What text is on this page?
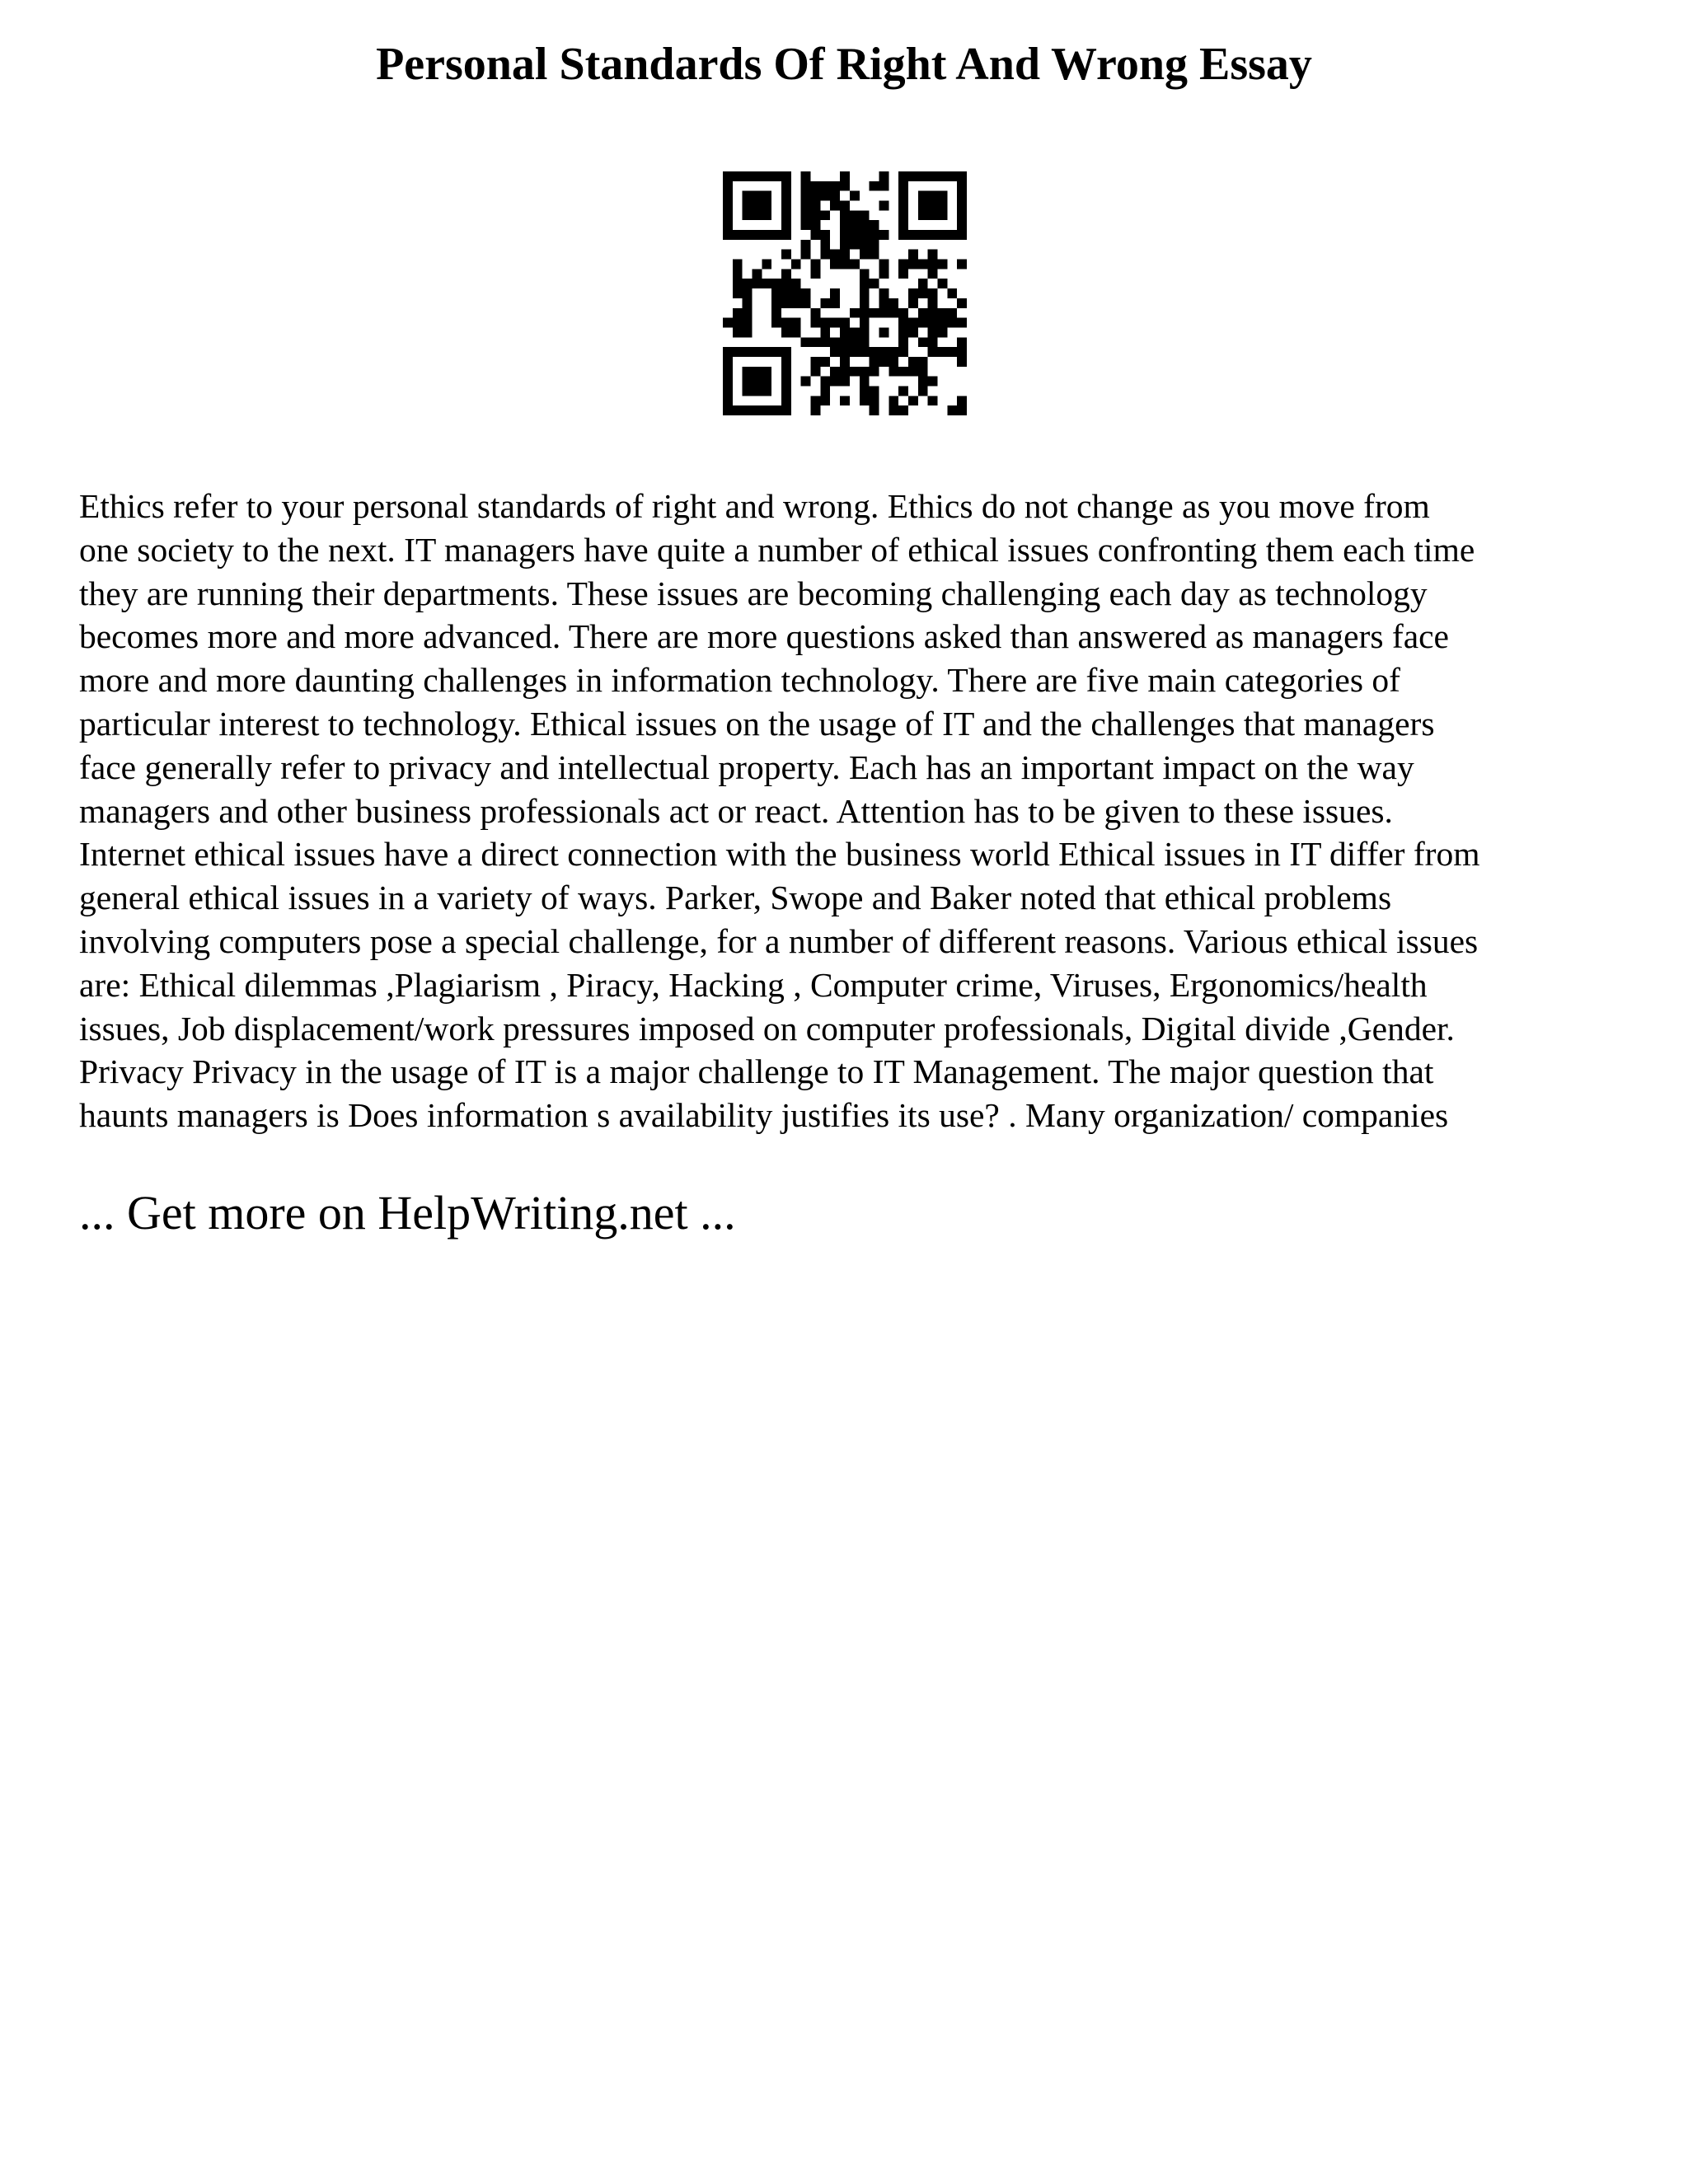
Personal Standards Of Right And Wrong Essay
Ethics refer to your personal standards of right and wrong. Ethics do not change as you move from
one society to the next. IT managers have quite a number of ethical issues confronting them each time
they are running their departments. These issues are becoming challenging each day as technology
becomes more and more advanced. There are more questions asked than answered as managers face
more and more daunting challenges in information technology. There are five main categories of
particular interest to technology. Ethical issues on the usage of IT and the challenges that managers
face generally refer to privacy and intellectual property. Each has an important impact on the way
managers and other business professionals act or react. Attention has to be given to these issues.
Internet ethical issues have a direct connection with the business world Ethical issues in IT differ from
general ethical issues in a variety of ways. Parker, Swope and Baker noted that ethical problems
involving computers pose a special challenge, for a number of different reasons. Various ethical issues
are: Ethical dilemmas ,Plagiarism , Piracy, Hacking , Computer crime, Viruses, Ergonomics/health
issues, Job displacement/work pressures imposed on computer professionals, Digital divide ,Gender.
Privacy Privacy in the usage of IT is a major challenge to IT Management. The major question that
haunts managers is Does information s availability justifies its use? . Many organization/ companies
... Get more on HelpWriting.net ...
